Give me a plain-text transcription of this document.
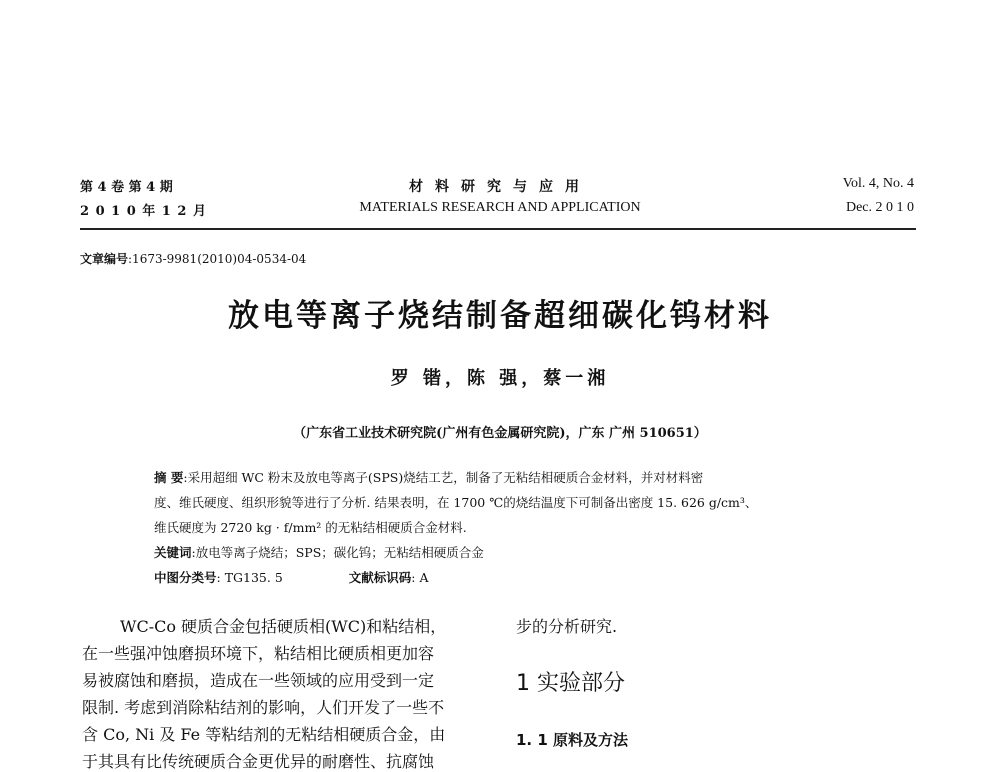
第 4 卷 第 4 期
2 0 1 0 年 1 2 月
材料研究与应用
MATERIALS RESEARCH AND APPLICATION
Vol. 4, No. 4
Dec. 2 0 1 0
文章编号:1673-9981(2010)04-0534-04
放电等离子烧结制备超细碳化钨材料
罗 锴，陈 强，蔡一湘
（广东省工业技术研究院(广州有色金属研究院)，广东 广州 510651）
摘 要:采用超细 WC 粉末及放电等离子(SPS)烧结工艺，制备了无粘结相硬质合金材料，并对材料密
度、维氏硬度、组织形貌等进行了分析. 结果表明，在 1700 ℃的烧结温度下可制备出密度 15. 626 g/cm³、
维氏硬度为 2720 kg · f/mm² 的无粘结相硬质合金材料.
关键词:放电等离子烧结；SPS；碳化钨；无粘结相硬质合金
中图分类号: TG135. 5	文献标识码: A
WC-Co 硬质合金包括硬质相(WC)和粘结相，
在一些强冲蚀磨损环境下，粘结相比硬质相更加容
易被腐蚀和磨损，造成在一些领域的应用受到一定
限制. 考虑到消除粘结剂的影响，人们开发了一些不
含 Co, Ni 及 Fe 等粘结剂的无粘结相硬质合金，由
于其具有比传统硬质合金更优异的耐磨性、抗腐蚀
步的分析研究.
1 实验部分
1. 1 原料及方法
